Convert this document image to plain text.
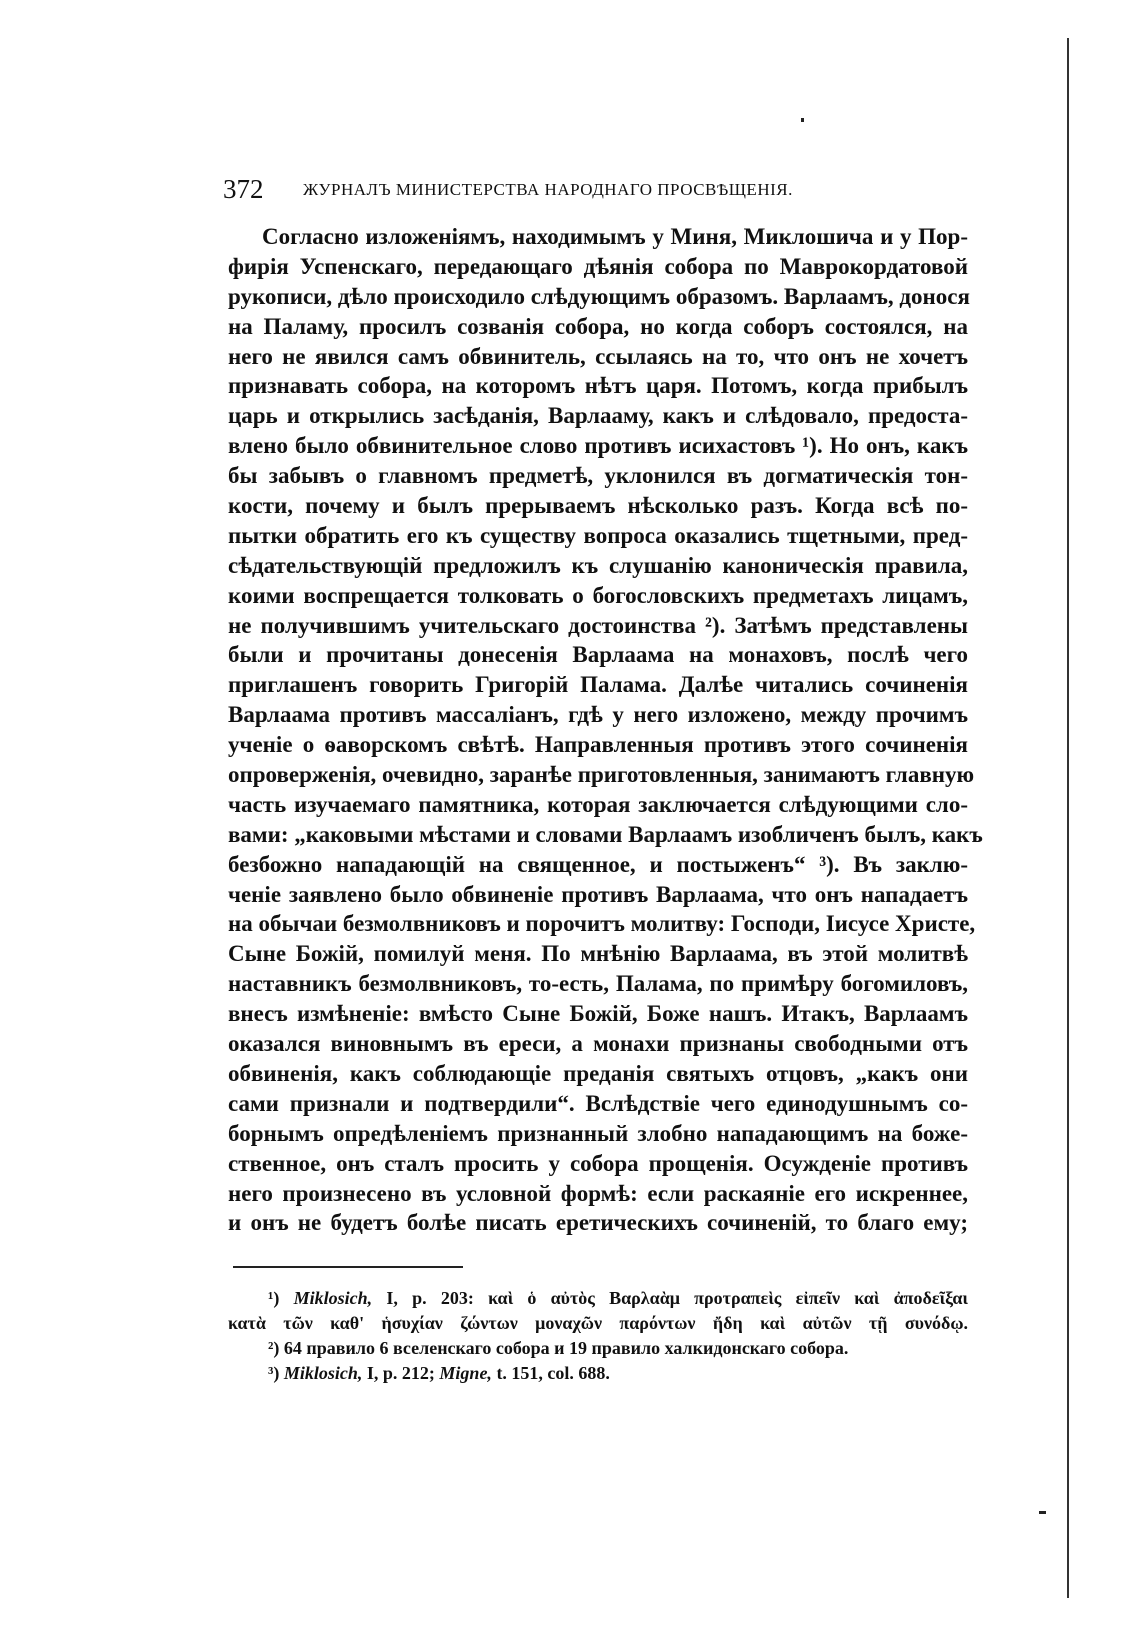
372 ЖУРНАЛЪ МИНИСТЕРСТВА НАРОДНАГО ПРОСВѢЩЕНІЯ.
Согласно изложеніямъ, находимымъ у Миня, Миклошича и у Пор-
фирія Успенскаго, передающаго дѣянія собора по Маврокордатовой
рукописи, дѣло происходило слѣдующимъ образомъ. Варлаамъ, донося
на Паламу, просилъ созванія собора, но когда соборъ состоялся, на
него не явился самъ обвинитель, ссылаясь на то, что онъ не хочетъ
признавать собора, на которомъ нѣтъ царя. Потомъ, когда прибылъ
царь и открылись засѣданія, Варлааму, какъ и слѣдовало, предоста-
влено было обвинительное слово противъ исихастовъ ¹). Но онъ, какъ
бы забывъ о главномъ предметѣ, уклонился въ догматическія тон-
кости, почему и былъ прерываемъ нѣсколько разъ. Когда всѣ по-
пытки обратить его къ существу вопроса оказались тщетными, пред-
сѣдательствующій предложилъ къ слушанію каноническія правила,
коими воспрещается толковать о богословскихъ предметахъ лицамъ,
не получившимъ учительскаго достоинства ²). Затѣмъ представлены
были и прочитаны донесенія Варлаама на монаховъ, послѣ чего
приглашенъ говорить Григорій Палама. Далѣе читались сочиненія
Варлаама противъ массаліанъ, гдѣ у него изложено, между прочимъ
ученіе о ѳаворскомъ свѣтѣ. Направленныя противъ этого сочиненія
опроверженія, очевидно, заранѣе приготовленныя, занимаютъ главную
часть изучаемаго памятника, которая заключается слѣдующими сло-
вами: „каковыми мѣстами и словами Варлаамъ изобличенъ былъ, какъ
безбожно нападающій на священное, и постыженъ“ ³). Въ заклю-
ченіе заявлено было обвиненіе противъ Варлаама, что онъ нападаетъ
на обычаи безмолвниковъ и порочитъ молитву: Господи, Іисусе Христе,
Сыне Божій, помилуй меня. По мнѣнію Варлаама, въ этой молитвѣ
наставникъ безмолвниковъ, то-есть, Палама, по примѣру богомиловъ,
внесъ измѣненіе: вмѣсто Сыне Божій, Боже нашъ. Итакъ, Варлаамъ
оказался виновнымъ въ ереси, а монахи признаны свободными отъ
обвиненія, какъ соблюдающіе преданія святыхъ отцовъ, „какъ они
сами признали и подтвердили“. Вслѣдствіе чего единодушнымъ со-
борнымъ опредѣленіемъ признанный злобно нападающимъ на боже-
ственное, онъ сталъ просить у собора прощенія. Осужденіе противъ
него произнесено въ условной формѣ: если раскаяніе его искреннее,
и онъ не будетъ болѣе писать еретическихъ сочиненій, то благо ему;
¹) Miklosich, I, p. 203: καὶ ὁ αὐτὸς Βαρλαὰμ προτραπεὶς εἰπεῖν καὶ ἀποδεῖξαι
κατὰ τῶν καθ' ἡσυχίαν ζώντων μοναχῶν παρόντων ἤδη καὶ αὐτῶν τῇ συνόδῳ.
²) 64 правило 6 вселенскаго собора и 19 правило халкидонскаго собора.
³) Miklosich, I, p. 212; Migne, t. 151, col. 688.
